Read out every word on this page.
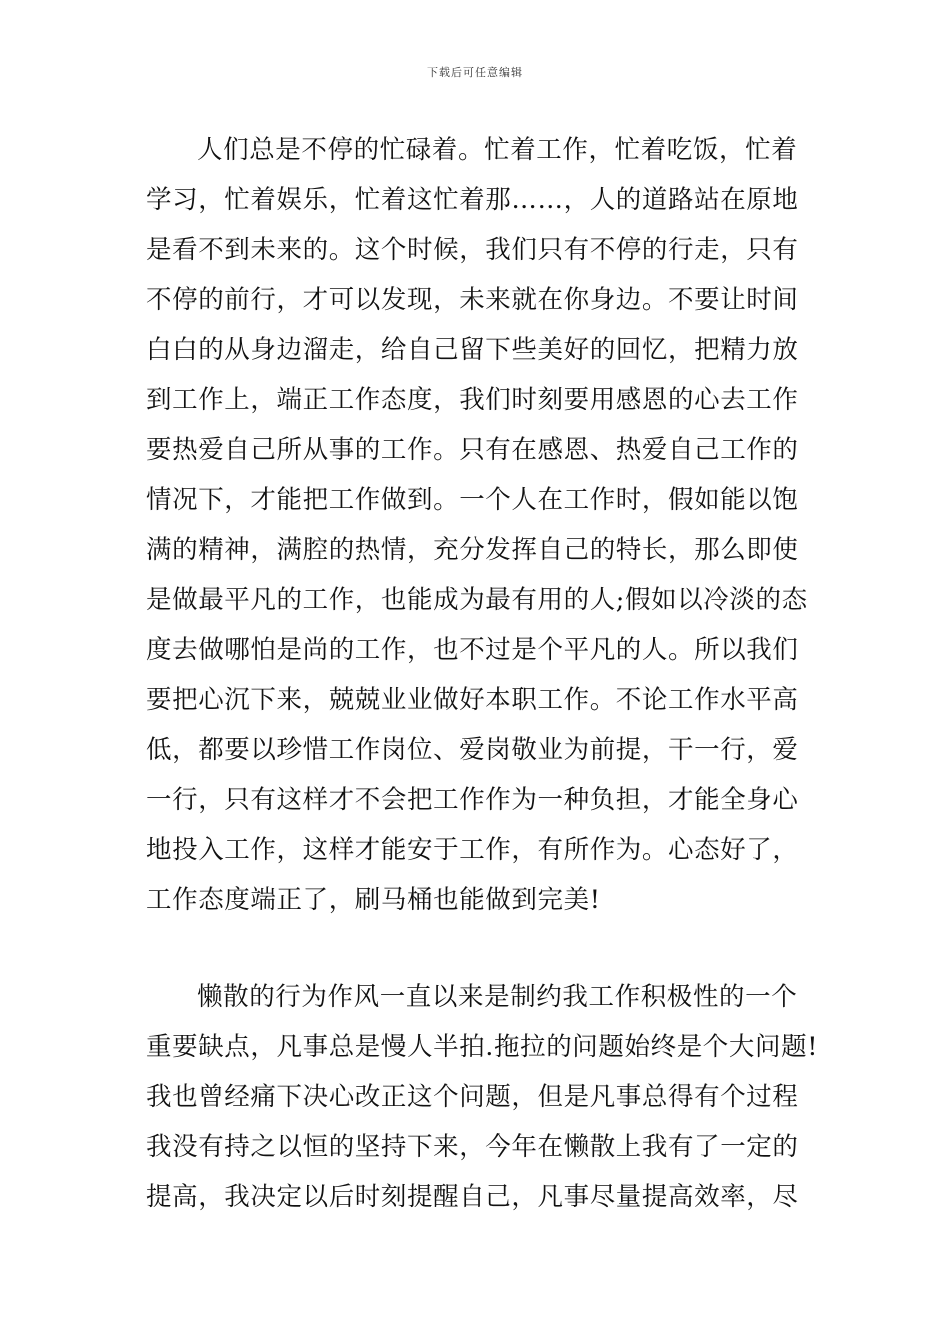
下载后可任意编辑
人们总是不停的忙碌着。忙着工作，忙着吃饭，忙着
学习，忙着娱乐，忙着这忙着那……，人的道路站在原地
是看不到未来的。这个时候，我们只有不停的行走，只有
不停的前行，才可以发现，未来就在你身边。不要让时间
白白的从身边溜走，给自己留下些美好的回忆，把精力放
到工作上，端正工作态度，我们时刻要用感恩的心去工作
要热爱自己所从事的工作。只有在感恩、热爱自己工作的
情况下，才能把工作做到。一个人在工作时，假如能以饱
满的精神，满腔的热情，充分发挥自己的特长，那么即使
是做最平凡的工作，也能成为最有用的人;假如以冷淡的态
度去做哪怕是尚的工作，也不过是个平凡的人。所以我们
要把心沉下来，兢兢业业做好本职工作。不论工作水平高
低，都要以珍惜工作岗位、爱岗敬业为前提，干一行，爱
一行，只有这样才不会把工作作为一种负担，才能全身心
地投入工作，这样才能安于工作，有所作为。心态好了，
工作态度端正了，刷马桶也能做到完美!
懒散的行为作风一直以来是制约我工作积极性的一个
重要缺点，凡事总是慢人半拍.拖拉的问题始终是个大问题!
我也曾经痛下决心改正这个问题，但是凡事总得有个过程
我没有持之以恒的坚持下来，今年在懒散上我有了一定的
提高，我决定以后时刻提醒自己，凡事尽量提高效率，尽
